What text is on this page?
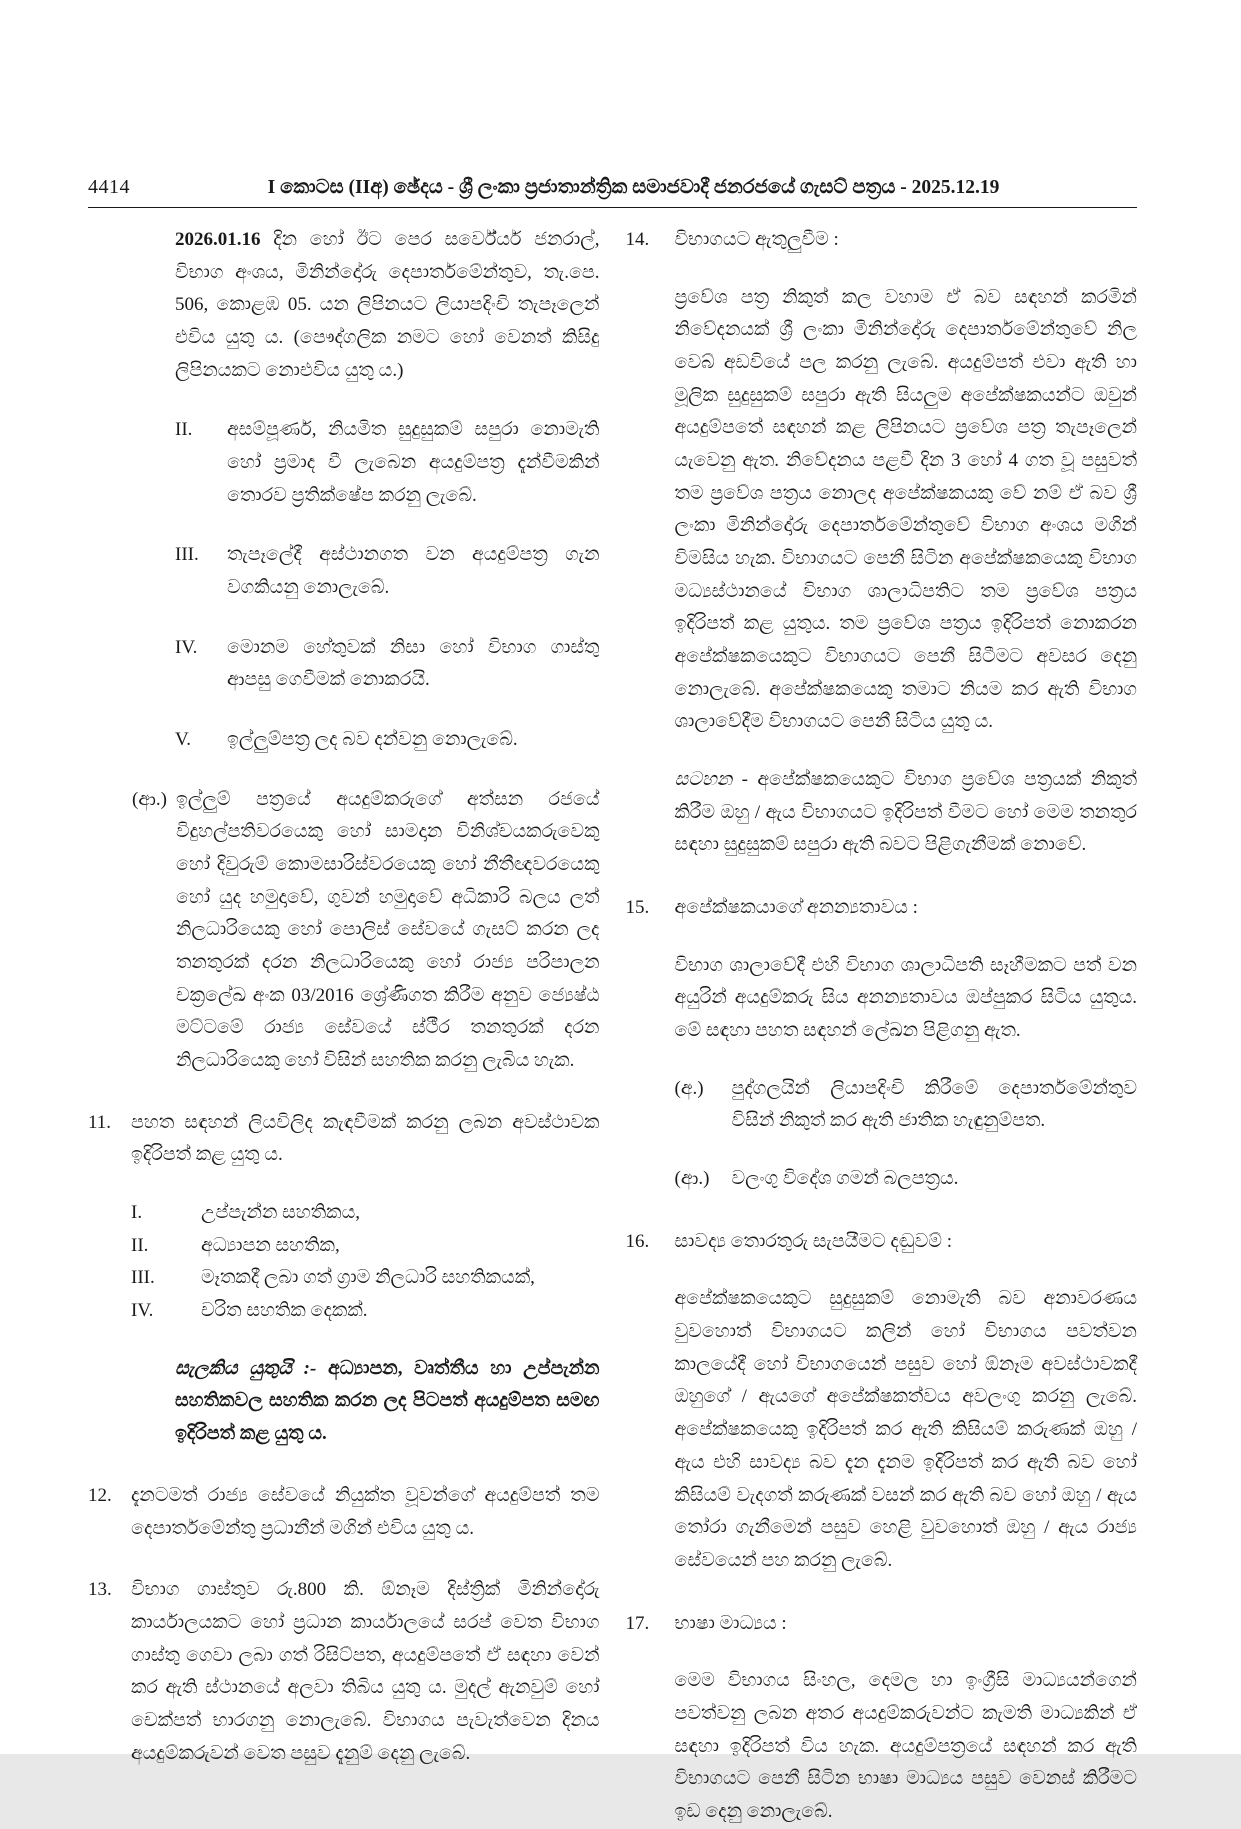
4414	I කොටස (IIඅ) ඡේදය - ශ්‍රී ලංකා ප්‍රජාතාන්ත්‍රික සමාජවාදී ජනරජයේ ගැසට් පත්‍රය - 2025.12.19
2026.01.16 දින හෝ ඊට පෙර සර්වේයර් ජනරාල්, විභාග අංශය, මිනින්දෝරු දෙපාර්තමේන්තුව, තැ.පෙ. 506, කොළඹ 05. යන ලිපිනයට ලියාපදිංචි තැපෑලෙන් එවිය යුතු ය. (පෞද්ගලික නමට හෝ වෙනත් කිසිදු ලිපිනයකට නොඑවිය යුතු ය.)
II.	අසම්පූර්ණ, නියමිත සුදුසුකම් සපුරා නොමැති හෝ ප්‍රමාද වී ලැබෙන අයදුම්පත්‍ර දැන්වීමකින් තොරව ප්‍රතික්ෂේප කරනු ලැබේ.
III.	තැපෑලේදී අස්ථානගත වන අයදුම්පත්‍ර ගැන වගකියනු නොලැබේ.
IV.	මොනම හේතුවක් නිසා හෝ විභාග ගාස්තු ආපසු ගෙවීමක් නොකරයි.
V.	ඉල්ලුම්පත්‍ර ලද බව දන්වනු නොලැබේ.
(ආ.) ඉල්ලුම් පත්‍රයේ අයදුම්කරුගේ අත්සන රජයේ විදුහල්පතිවරයෙකු හෝ සාමදාන විනිශ්චයකරුවෙකු හෝ දිවුරුම් කොමසාරිස්වරයෙකු හෝ නීතීඥවරයෙකු හෝ යුද හමුදාවේ, ගුවන් හමුදාවේ අධිකාරි බලය ලත් නිලධාරියෙකු හෝ පොලිස් සේවයේ ගැසට් කරන ලද තනතුරක් දරන නිලධාරියෙකු හෝ රාජ්‍ය පරිපාලන චක්‍රලේඛ අංක 03/2016 ශ්‍රේණිගත කිරීම අනුව ජ්‍යෙෂ්ඨ මට්ටමේ රාජ්‍ය සේවයේ ස්ථීර තනතුරක් දරන නිලධාරියෙකු හෝ විසින් සහතික කරනු ලැබිය හැක.
11.	පහත සඳහන් ලියවිලිද කැඳවීමක් කරනු ලබන අවස්ථාවක ඉදිරිපත් කළ යුතු ය.
I.	උප්පැන්න සහතිකය,
II.	අධ්‍යාපන සහතික,
III.	මෑතකදී ලබා ගත් ග්‍රාම නිලධාරි සහතිකයක්,
IV.	චරිත සහතික දෙකක්.
සැලකිය යුතුයි :- අධ්‍යාපන, වෘත්තීය හා උප්පැන්න සහතිකවල සහතික කරන ලද පිටපත් අයදුම්පත සමඟ ඉදිරිපත් කළ යුතු ය.
12.	දැනටමත් රාජ්‍ය සේවයේ නියුක්ත වූවන්ගේ අයදුම්පත් තම දෙපාර්තමේන්තු ප්‍රධානීන් මගින් එවිය යුතු ය.
13.	විභාග ගාස්තුව රු.800 කි. ඕනෑම දිස්ත්‍රික් මිනින්දෝරු කාර්යාලයකට හෝ ප්‍රධාන කාර්යාලයේ සරප් වෙත විභාග ගාස්තු ගෙවා ලබා ගත් රිසිට්පත, අයදුම්පතේ ඒ සඳහා වෙන් කර ඇති ස්ථානයේ අලවා තිබිය යුතු ය. මුදල් ඇනවුම් හෝ චෙක්පත් භාරගනු නොලැබේ. විභාගය පැවැත්වෙන දිනය අයදුම්කරුවන් වෙත පසුව දැනුම් දෙනු ලැබේ.
14.	විභාගයට ඇතුලුවීම :
ප්‍රවේශ පත්‍ර නිකුත් කල වහාම ඒ බව සඳහන් කරමින් නිවේදනයක් ශ්‍රී ලංකා මිනින්දෝරු දෙපාර්තමේන්තුවේ නිල වෙබ් අඩවියේ පල කරනු ලැබේ. අයදුම්පත් එවා ඇති හා මූලික සුදුසුකම් සපුරා ඇති සියලුම අපේක්ෂකයන්ට ඔවුන් අයදුම්පතේ සඳහන් කළ ලිපිනයට ප්‍රවේශ පත්‍ර තැපෑලෙන් යැවෙනු ඇත. නිවේදනය පළවී දින 3 හෝ 4 ගත වූ පසුවත් තම ප්‍රවේශ පත්‍රය නොලද අපේක්ෂකයකු වේ නම් ඒ බව ශ්‍රී ලංකා මිනින්දෝරු දෙපාර්තමේන්තුවේ විභාග අංශය මගින් විමසිය හැක. විභාගයට පෙනී සිටින අපේක්ෂකයෙකු විභාග මධ්‍යස්ථානයේ විභාග ශාලාධිපතිට තම ප්‍රවේශ පත්‍රය ඉදිරිපත් කළ යුතුය. තම ප්‍රවේශ පත්‍රය ඉදිරිපත් නොකරන අපේක්ෂකයෙකුට විභාගයට පෙනී සිටීමට අවසර දෙනු නොලැබේ. අපේක්ෂකයෙකු තමාට නියම කර ඇති විභාග ශාලාවේදීම විභාගයට පෙනී සිටිය යුතු ය.
සටහන - අපේක්ෂකයෙකුට විභාග ප්‍රවේශ පත්‍රයක් නිකුත් කිරීම ඔහු / ඇය විභාගයට ඉදිරිපත් වීමට හෝ මෙම තනතුර සඳහා සුදුසුකම් සපුරා ඇති බවට පිළිගැනීමක් නොවේ.
15.	අපේක්ෂකයාගේ අනන්‍යතාවය :
විභාග ශාලාවේදී එහි විභාග ශාලාධිපති සෑහීමකට පත් වන අයුරින් අයදුම්කරු සිය අනන්‍යතාවය ඔප්පුකර සිටිය යුතුය. මේ සඳහා පහත සඳහන් ලේඛන පිළිගනු ඇත.
(අ.)	පුද්ගලයින් ලියාපදිංචි කිරීමේ දෙපාර්තමේන්තුව විසින් නිකුත් කර ඇති ජාතික හැඳුනුම්පත.
(ආ.)	වලංගු විදේශ ගමන් බලපත්‍රය.
16.	සාවද්‍ය තොරතුරු සැපයීමට දඬුවම් :
අපේක්ෂකයෙකුට සුදුසුකම් නොමැති බව අනාවරණය වුවහොත් විභාගයට කලින් හෝ විභාගය පවත්වන කාලයේදී හෝ විභාගයෙන් පසුව හෝ ඕනෑම අවස්ථාවකදී ඔහුගේ / ඇයගේ අපේක්ෂකත්වය අවලංගු කරනු ලැබේ. අපේක්ෂකයෙකු ඉදිරිපත් කර ඇති කිසියම් කරුණක් ඔහු / ඇය එහි සාවද්‍ය බව දැන දැනම ඉදිරිපත් කර ඇති බව හෝ කිසියම් වැදගත් කරුණක් වසන් කර ඇති බව හෝ ඔහු / ඇය තෝරා ගැනීමෙන් පසුව හෙළි වුවහොත් ඔහු / ඇය රාජ්‍ය සේවයෙන් පහ කරනු ලැබේ.
17.	භාෂා මාධ්‍යය :
මෙම විභාගය සිංහල, දෙමල හා ඉංග්‍රීසි මාධ්‍යයන්ගෙන් පවත්වනු ලබන අතර අයදුම්කරුවන්ට කැමති මාධ්‍යකින් ඒ සඳහා ඉදිරිපත් විය හැක. අයදුම්පත්‍රයේ සඳහන් කර ඇති විභාගයට පෙනී සිටින භාෂා මාධ්‍යය පසුව වෙනස් කිරීමට ඉඩ දෙනු නොලැබේ.
